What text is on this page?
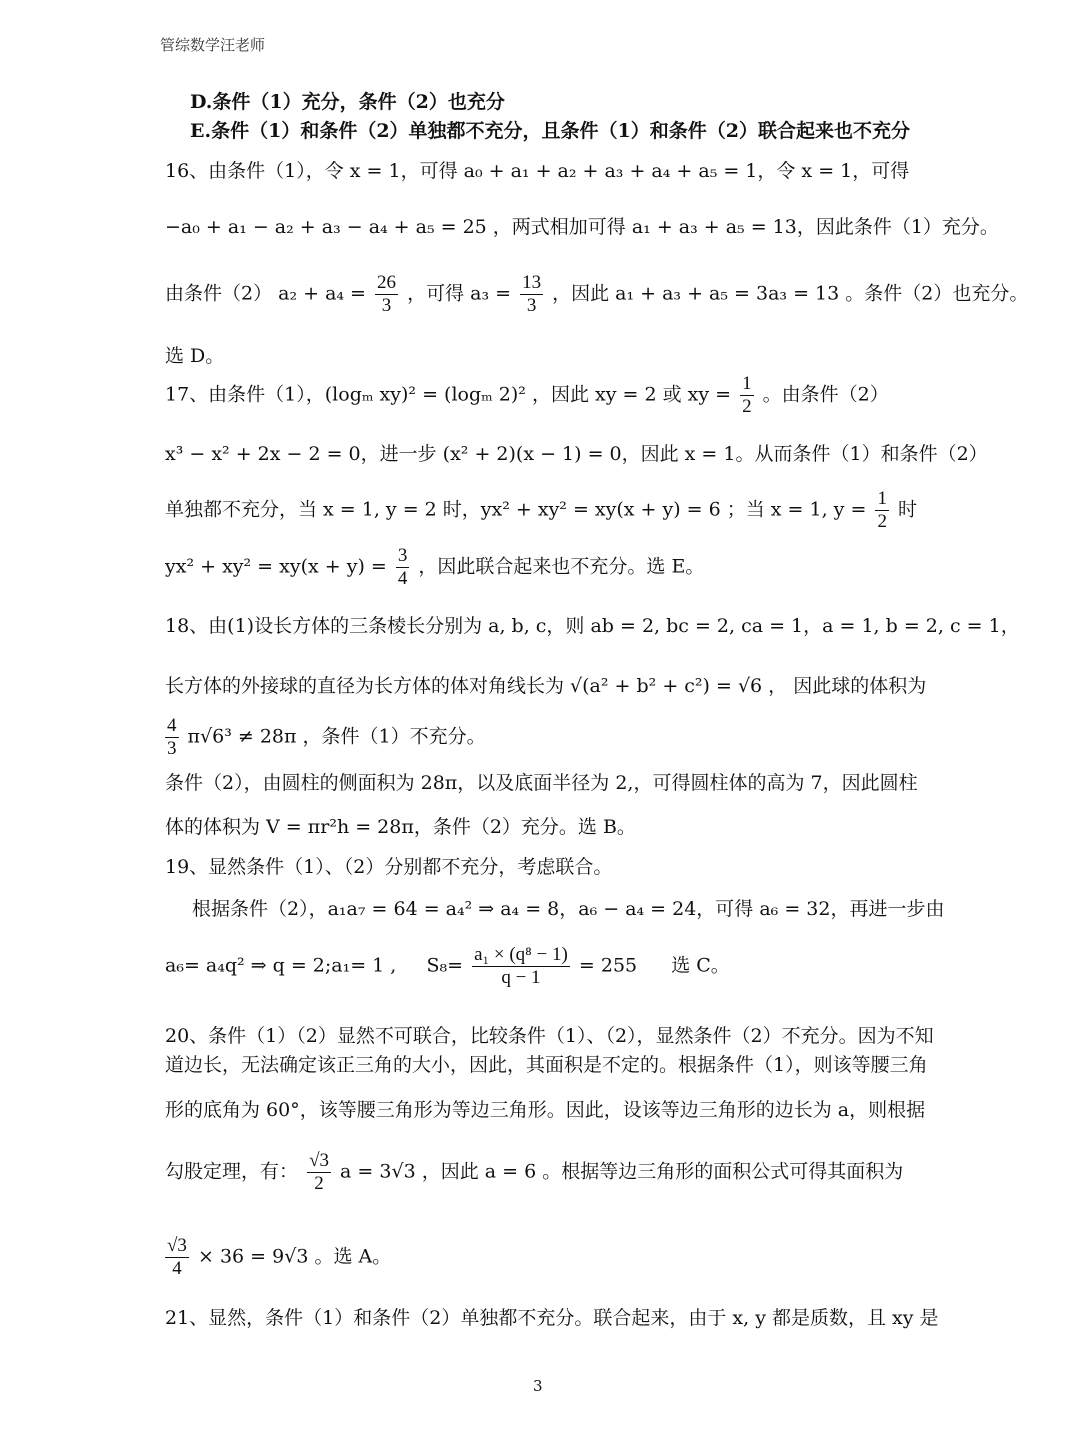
管综数学汪老师
D.条件（1）充分，条件（2）也充分
E.条件（1）和条件（2）单独都不充分，且条件（1）和条件（2）联合起来也不充分
16、由条件（1），令 x = 1，可得 a₀ + a₁ + a₂ + a₃ + a₄ + a₅ = 1，令 x = 1，可得
−a₀ + a₁ − a₂ + a₃ − a₄ + a₅ = 25 ，两式相加可得 a₁ + a₃ + a₅ = 13，因此条件（1）充分。
由条件（2） $a_2 + a_4 = \frac{26}{3}$ ，可得 $a_3 = \frac{13}{3}$ ，因此 a₁ + a₃ + a₅ = 3a₃ = 13 。条件（2）也充分。
选 D。
17、由条件（1），(logₘ xy)² = (logₘ 2)² ，因此 xy = 2 或 xy = $\frac{1}{2}$ 。由条件（2）
x³ − x² + 2x − 2 = 0，进一步 (x² + 2)(x − 1) = 0，因此 x = 1。从而条件（1）和条件（2）
单独都不充分，当 x = 1, y = 2 时，yx² + xy² = xy(x + y) = 6 ；当 x = 1, $y = \frac{1}{2}$ 时
$yx^2 + xy^2 = xy(x + y) = \frac{3}{4}$ ，因此联合起来也不充分。选 E。
18、由(1)设长方体的三条棱长分别为 a, b, c，则 ab = 2, bc = 2, ca = 1，a = 1, b = 2, c = 1，
长方体的外接球的直径为长方体的体对角线长为 √(a² + b² + c²) = √6 ， 因此球的体积为
$\frac{4}{3} \pi√6^3 \ne 28\pi$ ，条件（1）不充分。
条件（2），由圆柱的侧面积为 28π，以及底面半径为 2,，可得圆柱体的高为 7，因此圆柱
体的体积为 V = πr²h = 28π，条件（2）充分。选 B。
19、显然条件（1）、（2）分别都不充分，考虑联合。
根据条件（2），a₁a₇ = 64 = a₄² ⇒ a₄ = 8，a₆ − a₄ = 24，可得 a₆ = 32，再进一步由
a₆= a₄q² ⇒ q = 2;a₁= 1 , $S_8= \frac{\text{a₁ × (q⁸ − 1)}}{q - 1} = 255$ 选 C。
20、条件（1）（2）显然不可联合，比较条件（1）、（2），显然条件（2）不充分。因为不知
道边长，无法确定该正三角的大小，因此，其面积是不定的。根据条件（1），则该等腰三角
形的底角为 60°，该等腰三角形为等边三角形。因此，设该等边三角形的边长为 a，则根据
勾股定理，有： $\frac{√3}{2}$ a = 3√3 ，因此 a = 6 。根据等边三角形的面积公式可得其面积为
$\frac{√3}{4} \times 36 = 9√3$ 。选 A。
21、显然，条件（1）和条件（2）单独都不充分。联合起来，由于 x, y 都是质数，且 xy 是
3
